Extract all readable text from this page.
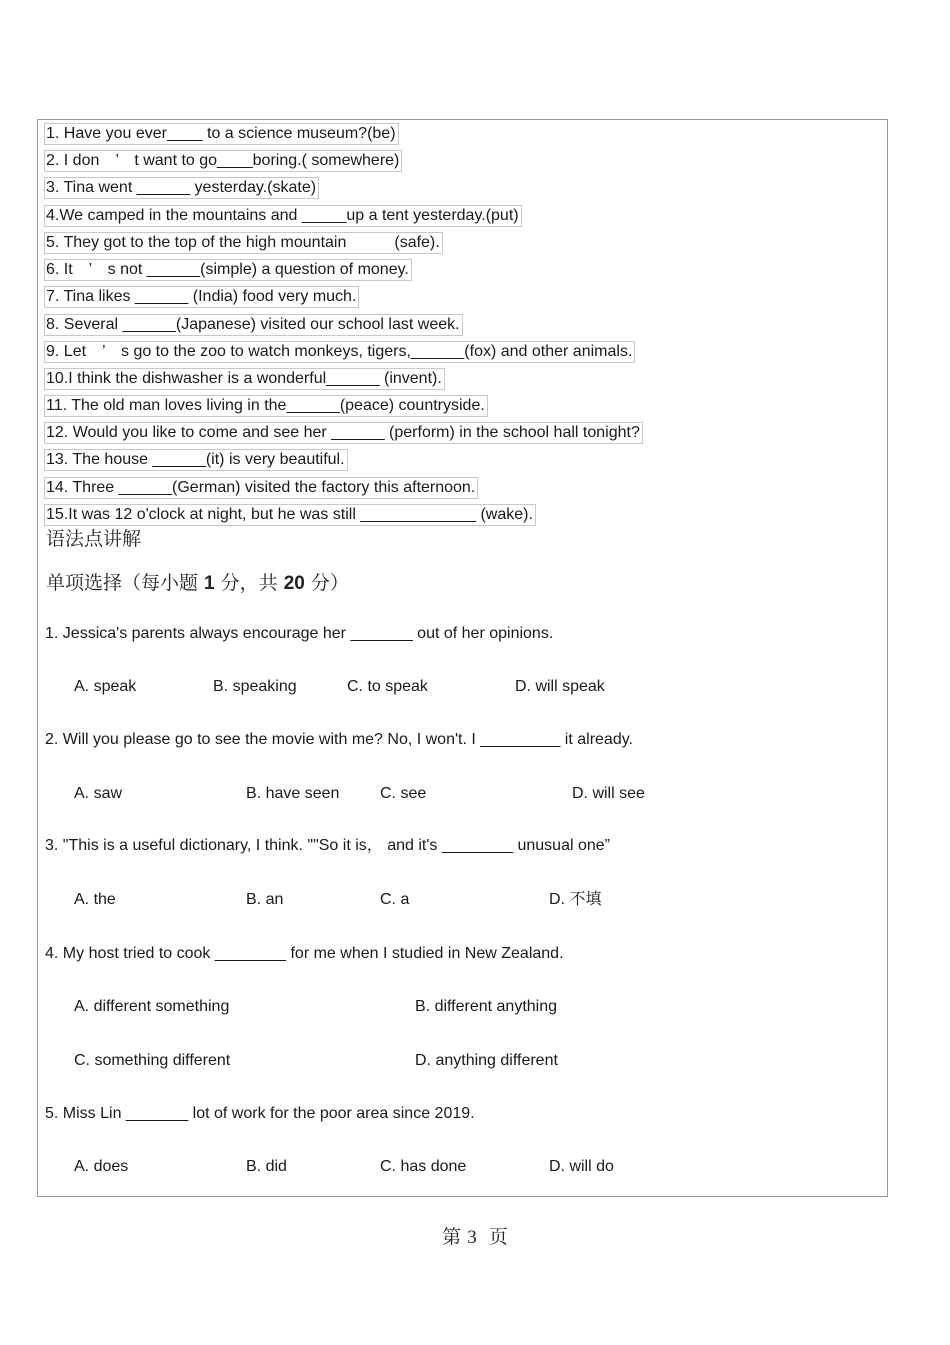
1. Have you ever____ to a science museum?(be)
2. I don　’　t want to go____boring.( somewhere)
3. Tina went ______ yesterday.(skate)
4.We camped in the mountains and _____up a tent yesterday.(put)
5. They got to the top of the high mountain　　　(safe).
6. It　’　s not ______(simple) a question of money.
7. Tina likes ______ (India) food very much.
8. Several ______(Japanese) visited our school last week.
9. Let　’　s go to the zoo to watch monkeys, tigers,______(fox) and other animals.
10.I think the dishwasher is a wonderful______ (invent).
11. The old man loves living in the______(peace) countryside.
12. Would you like to come and see her ______ (perform) in the school hall tonight?
13. The house ______(it) is very beautiful.
14. Three ______(German) visited the factory this afternoon.
15.It was 12 o'clock at night, but he was still _____________ (wake).
语法点讲解
单项选择（每小题 1 分，共 20 分）
1. Jessica's parents always encourage her _______ out of her opinions.
A. speak	B. speaking	C. to speak	D. will speak
2. Will you please go to see the movie with me? No, I won't. I _________ it already.
A. saw	B. have seen	C. see	D. will see
3. "This is a useful dictionary, I think. ""So it is， and it's ________ unusual one”
A. the	B. an	C. a	D. 不填
4. My host tried to cook ________ for me when I studied in New Zealand.
A. different something	B. different anything
C. something different	D. anything different
5. Miss Lin _______ lot of work for the poor area since 2019.
A. does	B. did	C. has done	D. will do
第 3 页
